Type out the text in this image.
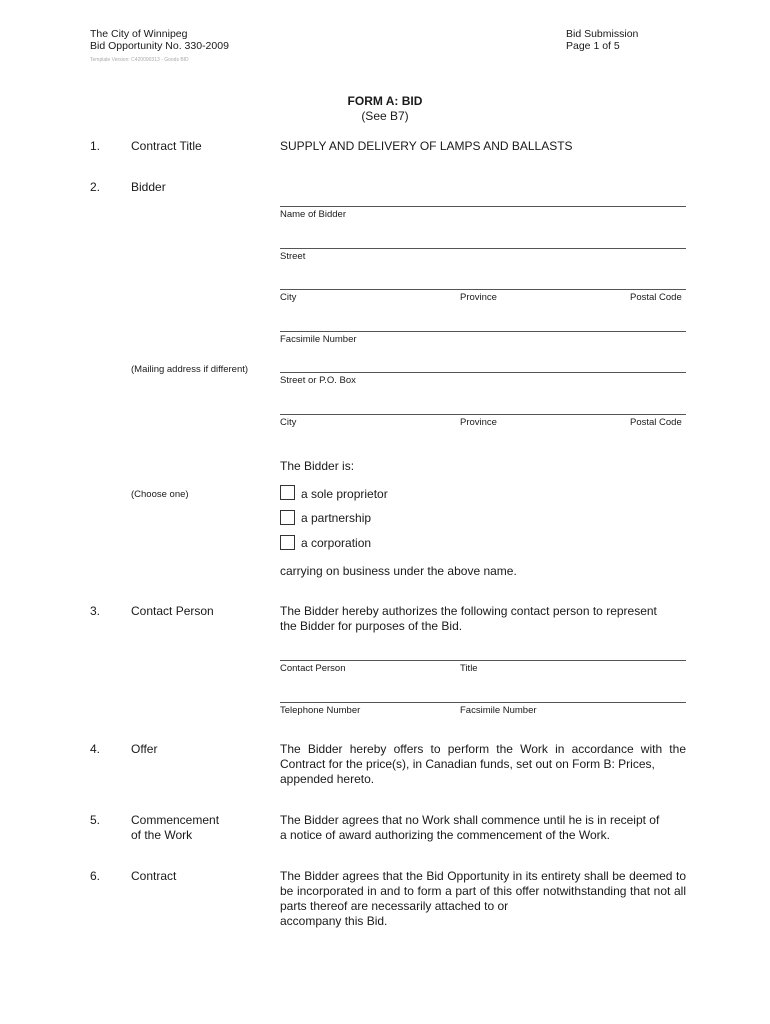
The City of Winnipeg
Bid Opportunity No. 330-2009
Bid Submission
Page 1 of 5
Template Version: C420090313 - Goods BID
FORM A: BID
(See B7)
1.	Contract Title	SUPPLY AND DELIVERY OF LAMPS AND BALLASTS
2.	Bidder
Name of Bidder
Street
City	Province	Postal Code
Facsimile Number
(Mailing address if different)
Street or P.O. Box
City	Province	Postal Code
The Bidder is:
(Choose one)	a sole proprietor
a partnership
a corporation
carrying on business under the above name.
3.	Contact Person	The Bidder hereby authorizes the following contact person to represent
the Bidder for purposes of the Bid.
Contact Person	Title
Telephone Number	Facsimile Number
4.	Offer	The Bidder hereby offers to perform the Work in accordance with the Contract for the price(s), in Canadian funds, set out on Form B: Prices,
appended hereto.
5.	Commencement
of the Work
The Bidder agrees that no Work shall commence until he is in receipt of
a notice of award authorizing the commencement of the Work.
6.	Contract	The Bidder agrees that the Bid Opportunity in its entirety shall be deemed to be incorporated in and to form a part of this offer notwithstanding that not all parts thereof are necessarily attached to or
accompany this Bid.
